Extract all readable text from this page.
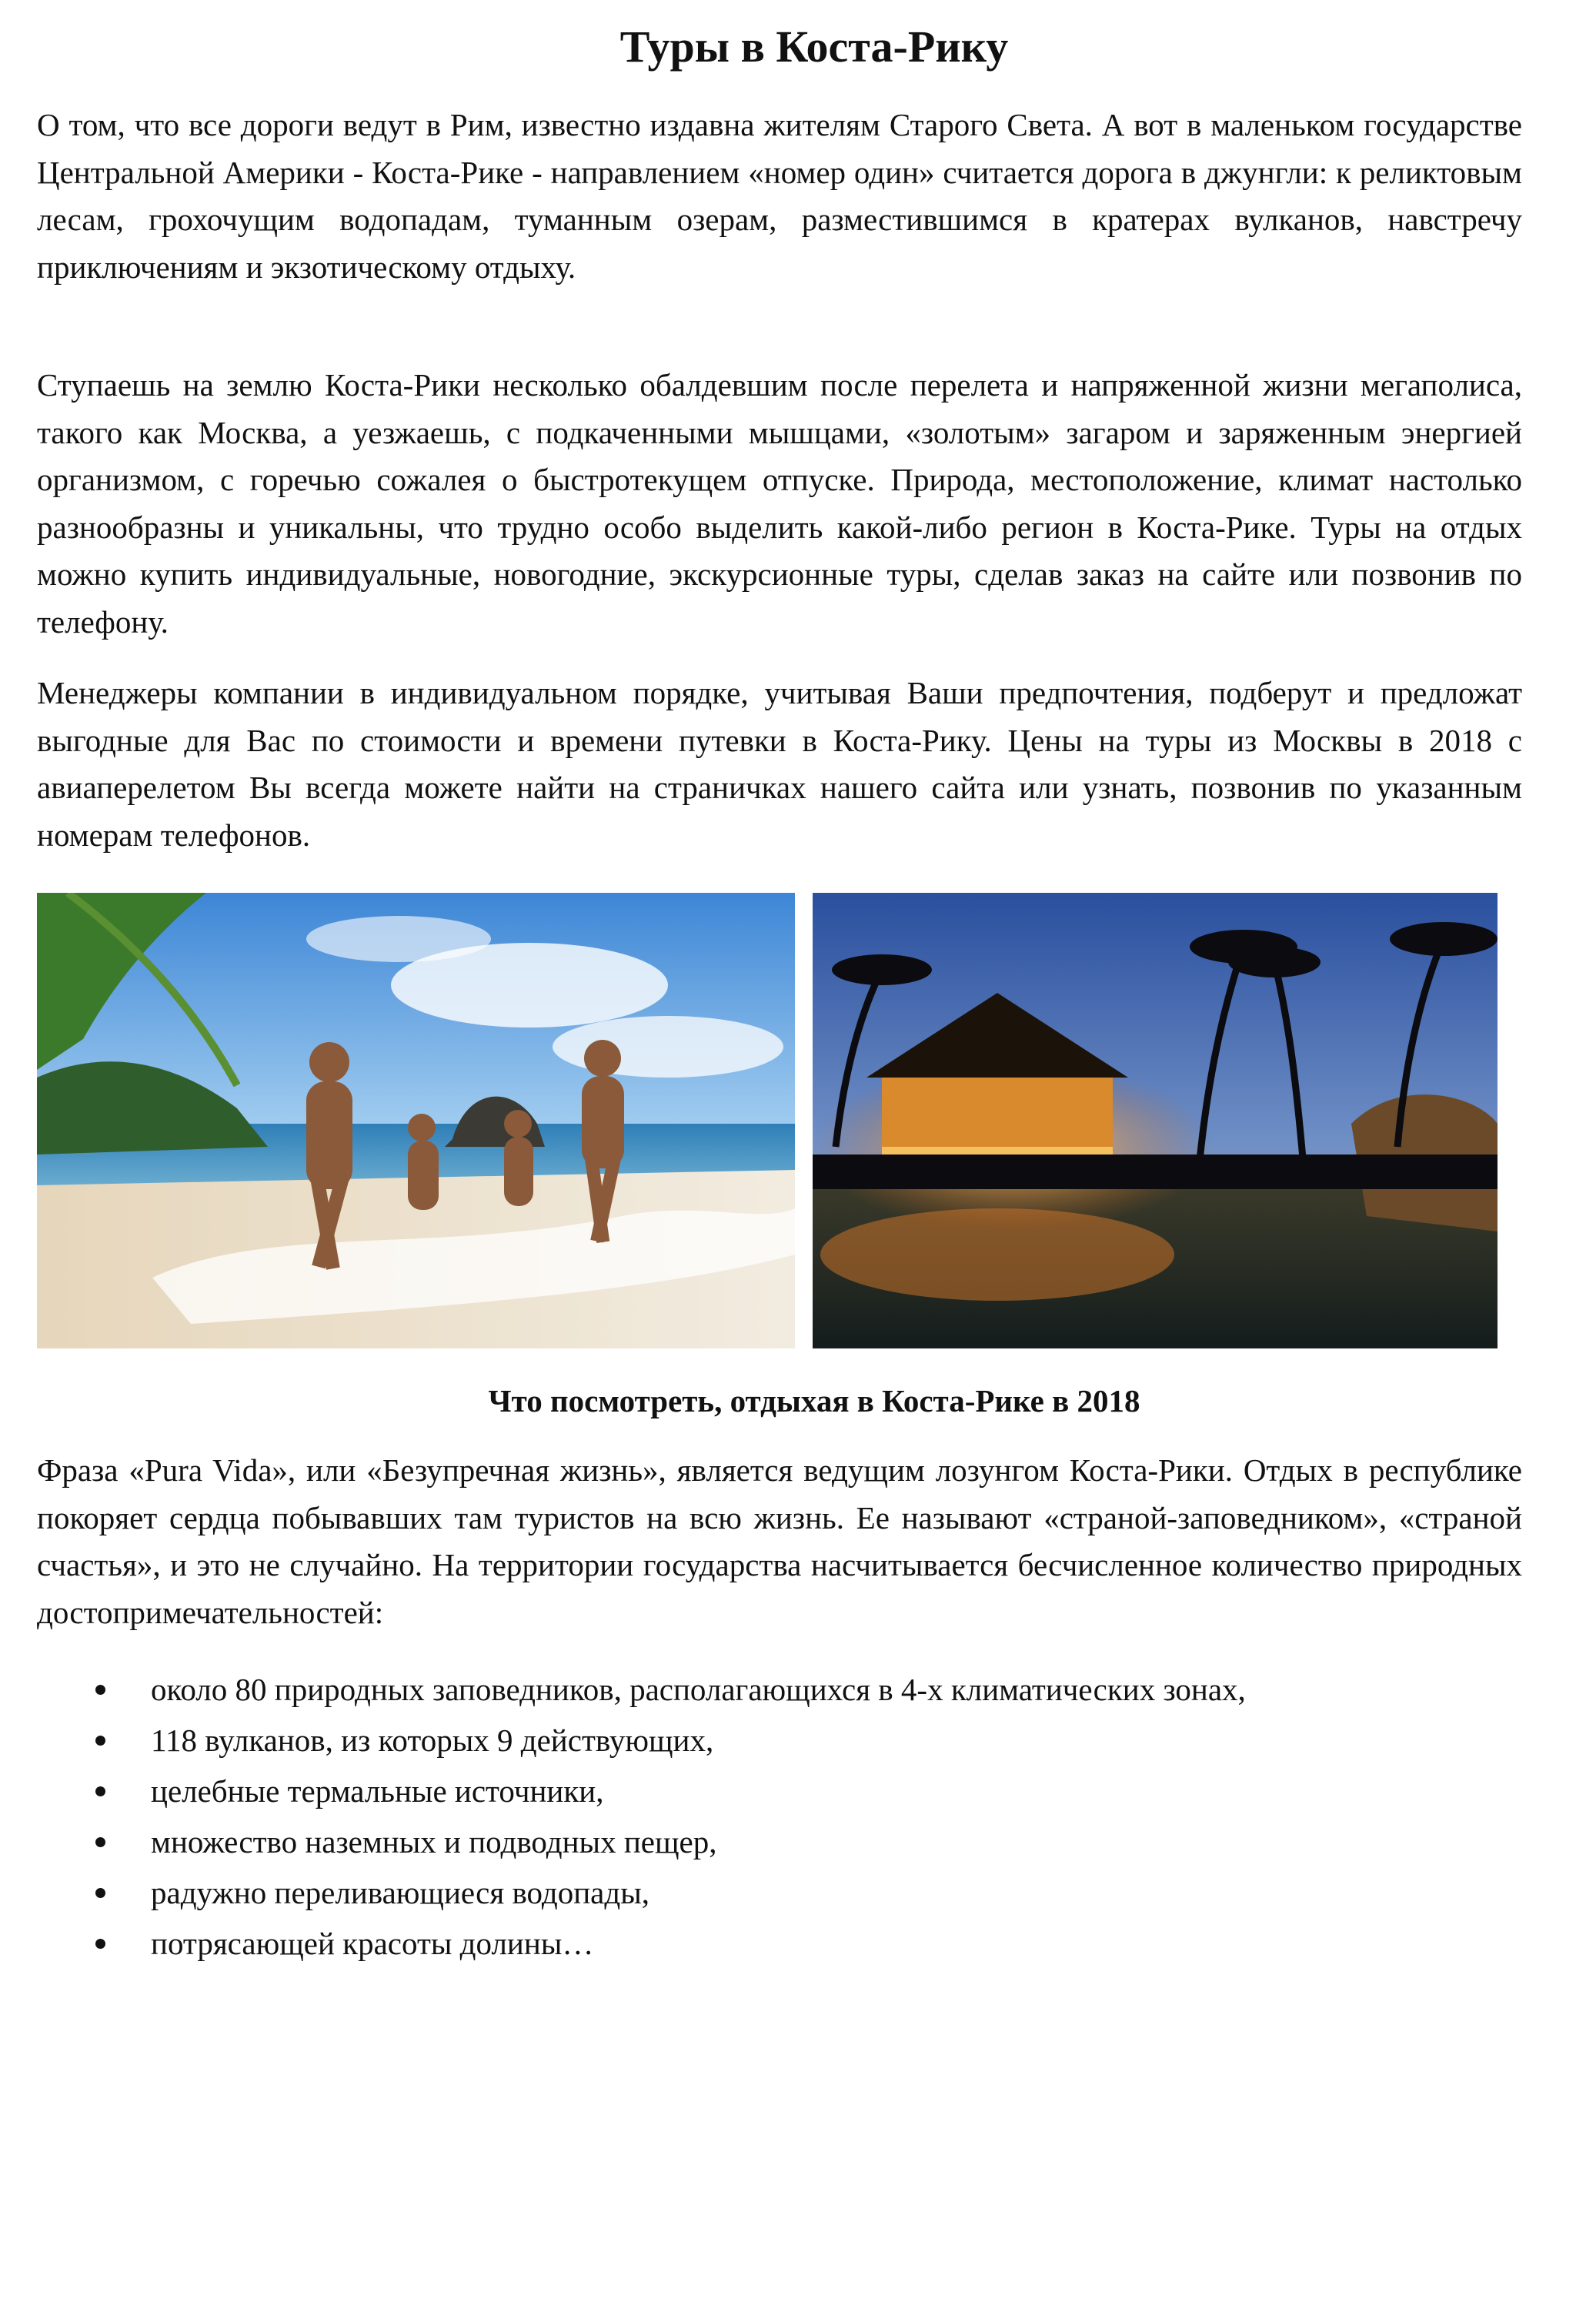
Туры в Коста-Рику

О том, что все дороги ведут в Рим, известно издавна жителям Старого Света. А вот в маленьком государстве Центральной Америки - Коста-Рике - направлением «номер один» считается дорога в джунгли: к реликтовым лесам, грохочущим водопадам, туманным озерам, разместившимся в кратерах вулканов, навстречу приключениям и экзотическому отдыху.

Ступаешь на землю Коста-Рики несколько обалдевшим после перелета и напряженной жизни мегаполиса, такого как Москва, а уезжаешь, с подкаченными мышцами, «золотым» загаром и заряженным энергией организмом, с горечью сожалея о быстротекущем отпуске. Природа, местоположение, климат настолько разнообразны и уникальны, что трудно особо выделить какой-либо регион в Коста-Рике. Туры на отдых можно купить индивидуальные, новогодние, экскурсионные туры, сделав заказ на сайте или позвонив по телефону.

Менеджеры компании в индивидуальном порядке, учитывая Ваши предпочтения, подберут и предложат выгодные для Вас по стоимости и времени путевки в Коста-Рику. Цены на туры из Москвы в 2018 с авиаперелетом Вы всегда можете найти на страничках нашего сайта или узнать, позвонив по указанным номерам телефонов.

Что посмотреть, отдыхая в Коста-Рике в 2018

Фраза «Pura Vida», или «Безупречная жизнь», является ведущим лозунгом Коста-Рики. Отдых в республике покоряет сердца побывавших там туристов на всю жизнь. Ее называют «страной-заповедником», «страной счастья», и это не случайно. На территории государства насчитывается бесчисленное количество природных достопримечательностей:

около 80 природных заповедников, располагающихся в 4-х климатических зонах,
118 вулканов, из которых 9 действующих,
целебные термальные источники,
множество наземных и подводных пещер,
радужно переливающиеся водопады,
потрясающей красоты долины…
